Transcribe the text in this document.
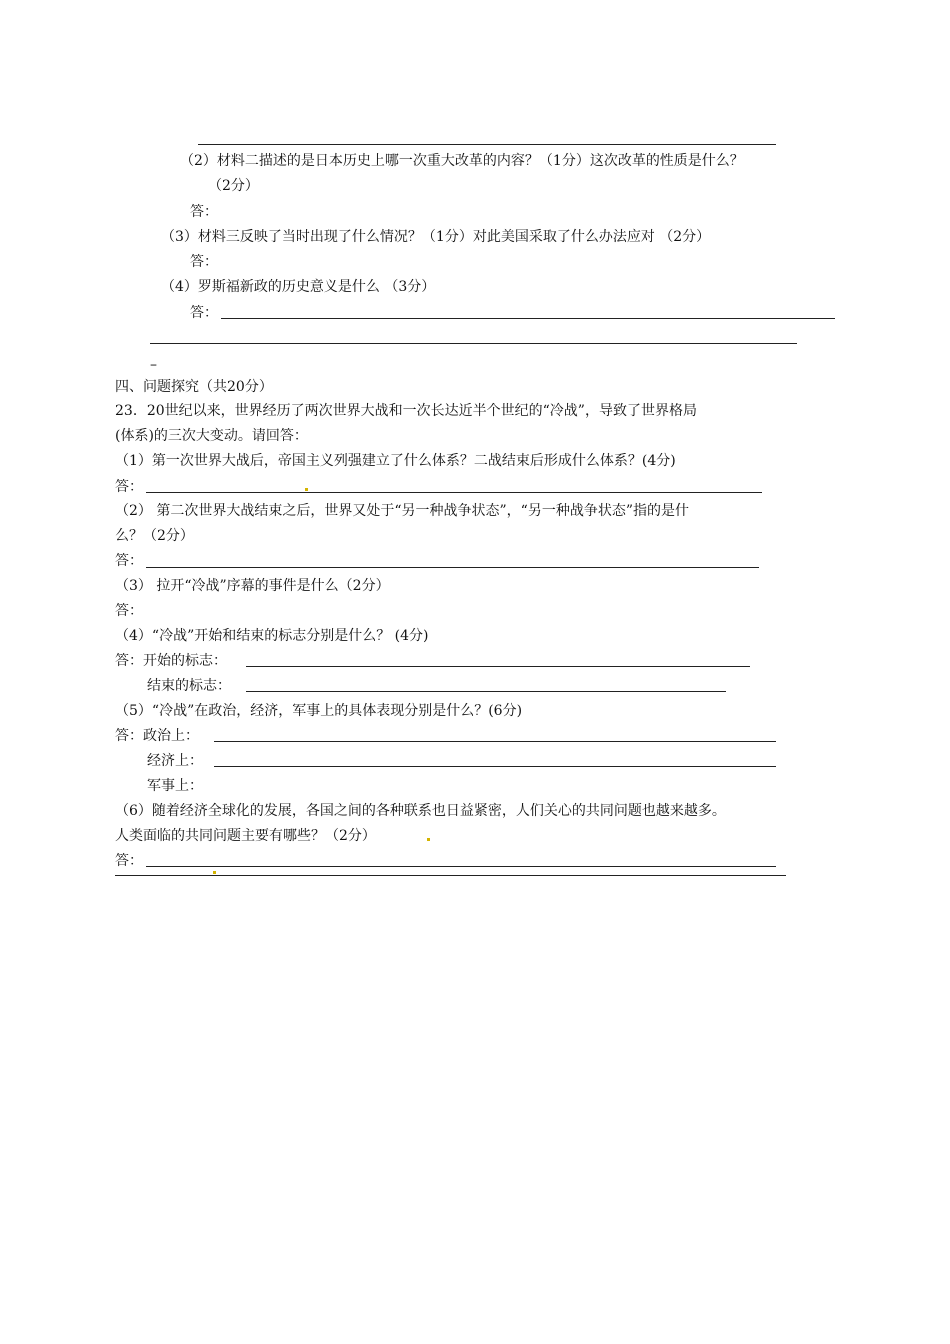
（2）材料二描述的是日本历史上哪一次重大改革的内容？（1分）这次改革的性质是什么？
（2分）
答：
（3）材料三反映了当时出现了什么情况？（1分）对此美国采取了什么办法应对 （2分）
答：
（4）罗斯福新政的历史意义是什么 （3分）
答：
–
四、问题探究（共20分）
23．20世纪以来，世界经历了两次世界大战和一次长达近半个世纪的“冷战”，导致了世界格局
(体系)的三次大变动。请回答：
（1）第一次世界大战后，帝国主义列强建立了什么体系？二战结束后形成什么体系？(4分)
答：
（2） 第二次世界大战结束之后，世界又处于“另一种战争状态”，“另一种战争状态”指的是什
么？（2分）
答：
（3） 拉开“冷战”序幕的事件是什么（2分）
答：
（4）“冷战”开始和结束的标志分别是什么？ (4分)
答：开始的标志：
结束的标志：
（5）“冷战”在政治，经济，军事上的具体表现分别是什么？(6分)
答：政治上：
经济上：
军事上：
（6）随着经济全球化的发展，各国之间的各种联系也日益紧密，人们关心的共同问题也越来越多。
人类面临的共同问题主要有哪些？（2分）
答：
